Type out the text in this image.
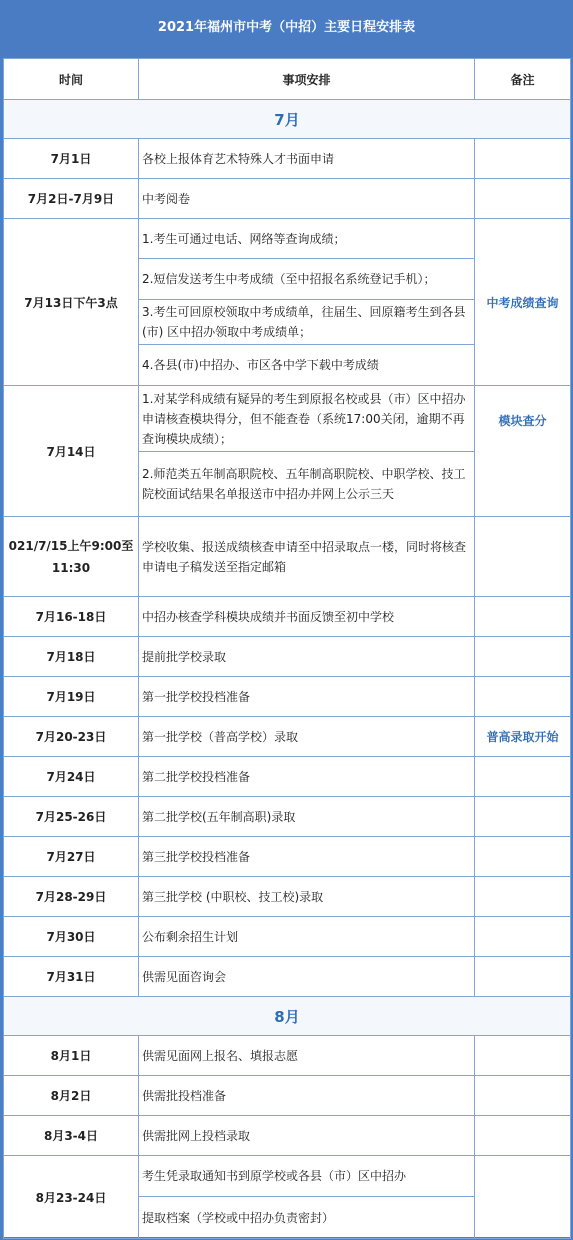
2021年福州市中考（中招）主要日程安排表
时间	事项安排	备注
7月		
7月1日	各校上报体育艺术特殊人才书面申请	
7月2日-7月9日	中考阅卷	
7月13日下午3点	1.考生可通过电话、网络等查询成绩；
2.短信发送考生中考成绩（至中招报名系统登记手机）；
3.考生可回原校领取中考成绩单，往届生、回原籍考生到各县(市) 区中招办领取中考成绩单；
4.各县(市)中招办、市区各中学下载中考成绩	中考成绩查询
7月14日	1.对某学科成绩有疑异的考生到原报名校或县（市）区中招办申请核查模块得分，但不能查卷（系统17:00关闭，逾期不再查询模块成绩）；
2.师范类五年制高职院校、五年制高职院校、中职学校、技工院校面试结果名单报送市中招办并网上公示三天	模块查分
021/7/15上午9:00至11:30	学校收集、报送成绩核查申请至中招录取点一楼，同时将核查申请电子稿发送至指定邮箱	
7月16-18日	中招办核查学科模块成绩并书面反馈至初中学校	
7月18日	提前批学校录取	
7月19日	第一批学校投档准备	
7月20-23日	第一批学校（普高学校）录取	普高录取开始
7月24日	第二批学校投档准备	
7月25-26日	第二批学校(五年制高职)录取	
7月27日	第三批学校投档准备	
7月28-29日	第三批学校 (中职校、技工校)录取	
7月30日	公布剩余招生计划	
7月31日	供需见面咨询会	
8月		
8月1日	供需见面网上报名、填报志愿	
8月2日	供需批投档准备	
8月3-4日	供需批网上投档录取	
8月23-24日	考生凭录取通知书到原学校或各县（市）区中招办
提取档案（学校或中招办负责密封）	
